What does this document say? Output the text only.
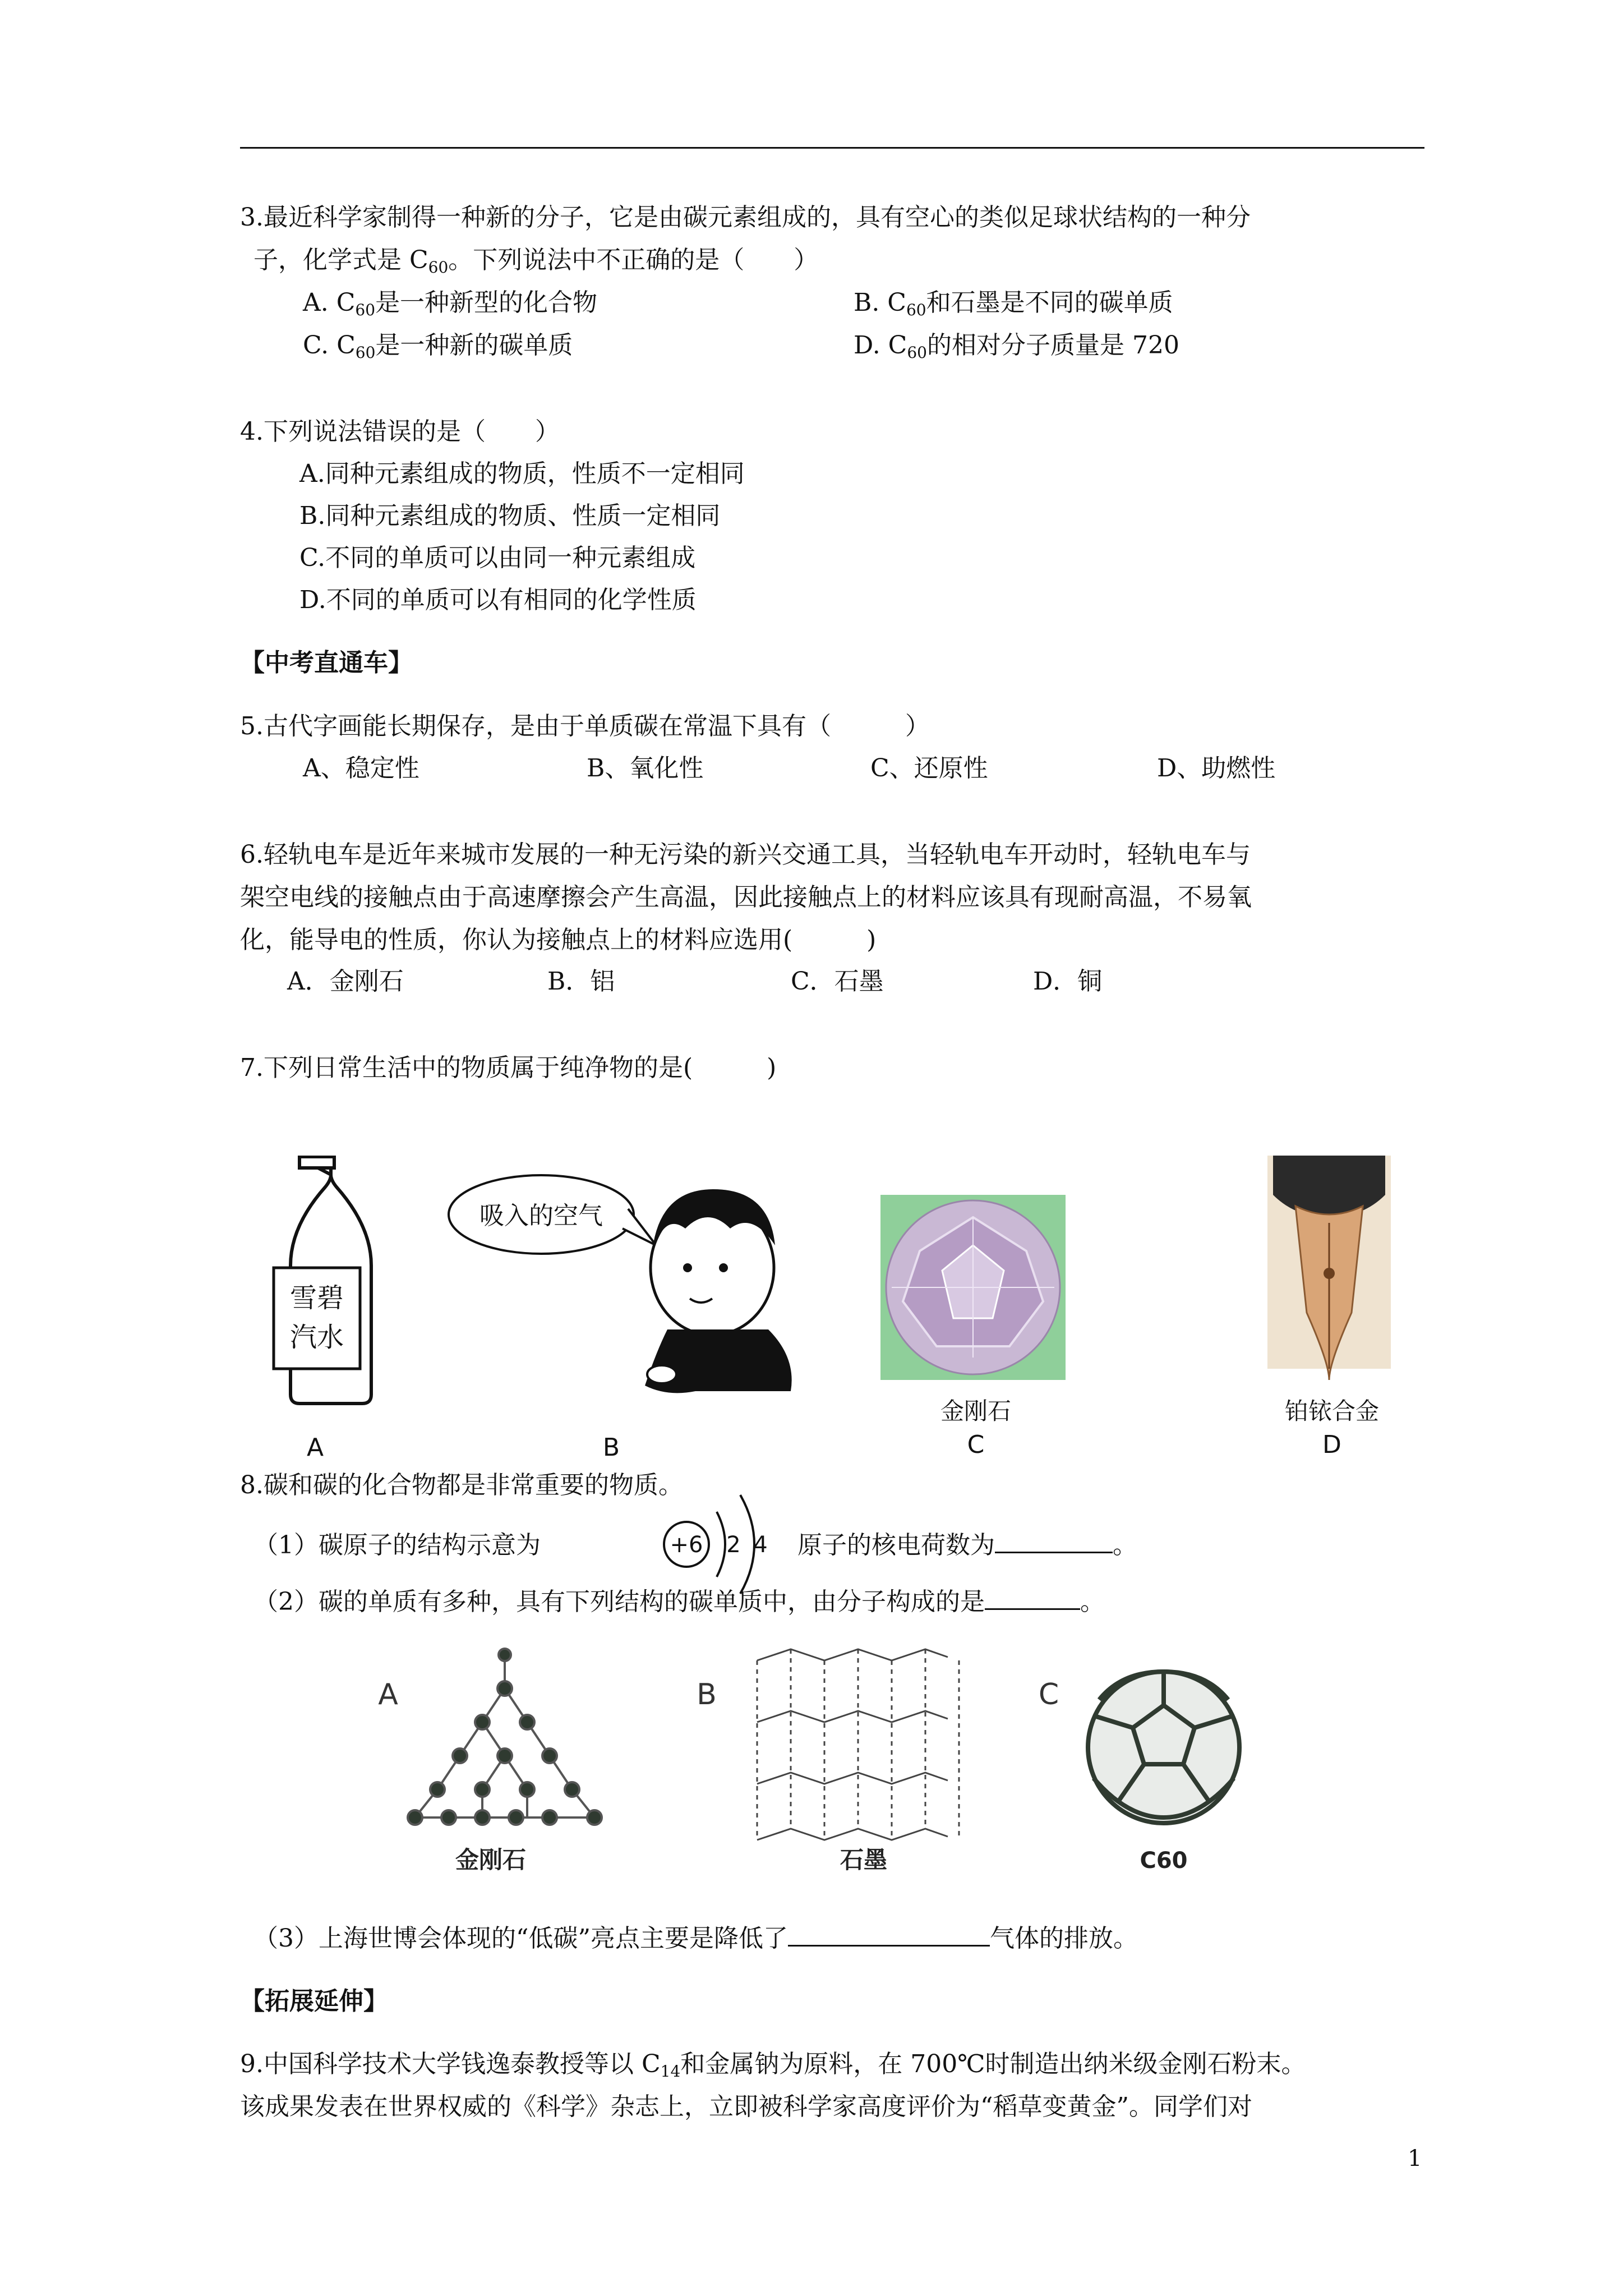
3.最近科学家制得一种新的分子，它是由碳元素组成的，具有空心的类似足球状结构的一种分
子，化学式是 $C_{60}$。下列说法中不正确的是（　　）
A. $C_{60}$是一种新型的化合物	B. $C_{60}$和石墨是不同的碳单质
C. $C_{60}$是一种新的碳单质	D. $C_{60}$的相对分子质量是 720
4.下列说法错误的是（　　）
A.同种元素组成的物质，性质不一定相同
B.同种元素组成的物质、性质一定相同
C.不同的单质可以由同一种元素组成
D.不同的单质可以有相同的化学性质
【中考直通车】
5.古代字画能长期保存，是由于单质碳在常温下具有（　　　）
A、稳定性	B、氧化性	C、还原性	D、助燃性
6.轻轨电车是近年来城市发展的一种无污染的新兴交通工具，当轻轨电车开动时，轻轨电车与
架空电线的接触点由于高速摩擦会产生高温，因此接触点上的材料应该具有现耐高温，不易氧
化，能导电的性质，你认为接触点上的材料应选用(　　　)
A．金刚石	B．铝	C．石墨	D．铜
7.下列日常生活中的物质属于纯净物的是(　　　)
雪碧
汽水
吸入的空气
金刚石	铂铱合金
A	B	C	D
8.碳和碳的化合物都是非常重要的物质。
（1）碳原子的结构示意为	+6 2 4 原子的核电荷数为	。
（2）碳的单质有多种，具有下列结构的碳单质中，由分子构成的是	。
A
金刚石
B
石墨
C
C60
（3）上海世博会体现的“低碳”亮点主要是降低了	气体的排放。
【拓展延伸】
9.中国科学技术大学钱逸泰教授等以 $C_{14}$和金属钠为原料，在 700℃时制造出纳米级金刚石粉末。
该成果发表在世界权威的《科学》杂志上，立即被科学家高度评价为“稻草变黄金”。同学们对
1
